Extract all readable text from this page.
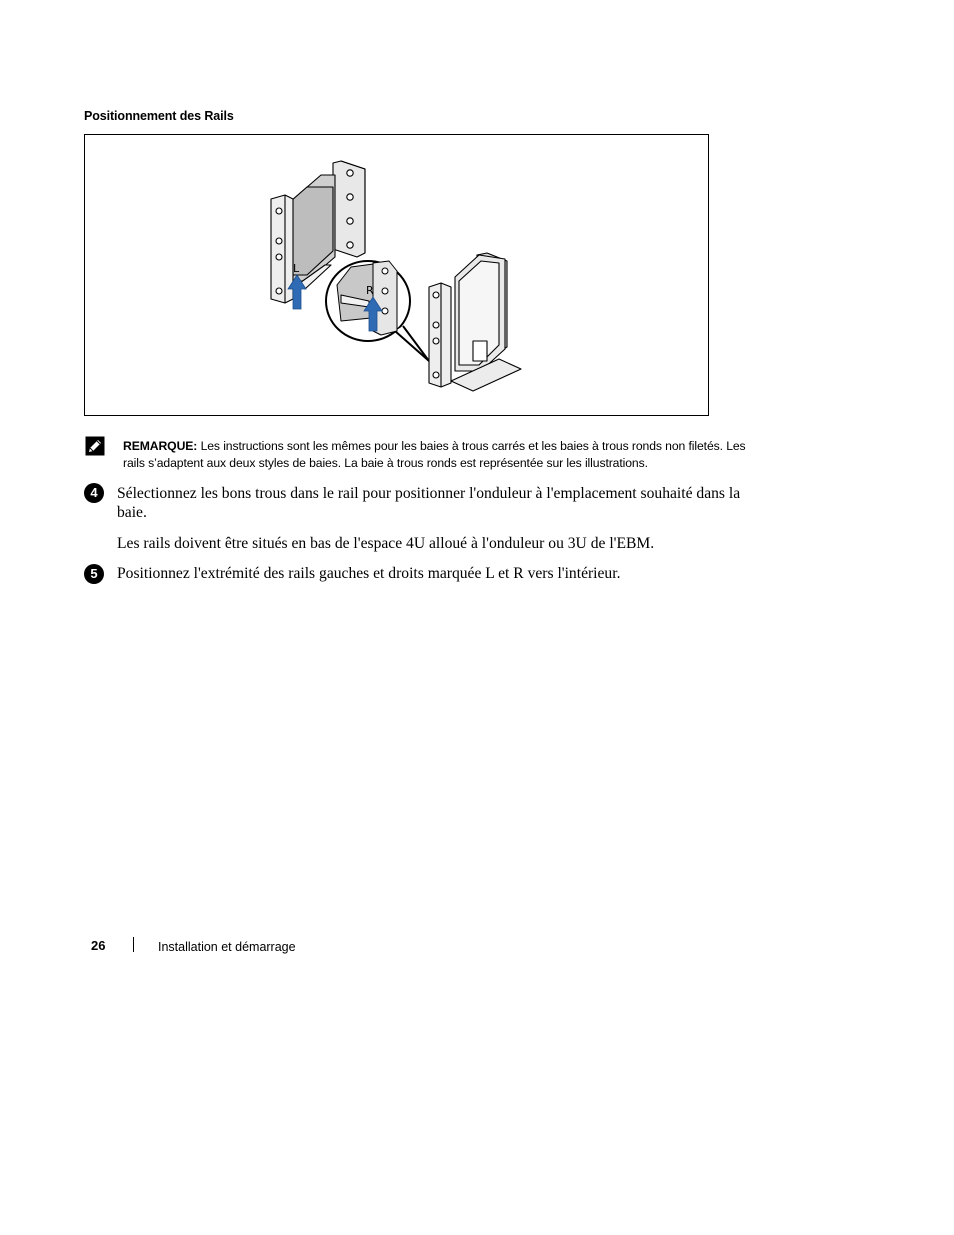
Positionnement des Rails
L
R
REMARQUE: Les instructions sont les mêmes pour les baies à trous carrés et les baies à trous ronds non filetés. Les rails s’adaptent aux deux styles de baies. La baie à trous ronds est représentée sur les illustrations.
4	Sélectionnez les bons trous dans le rail pour positionner l'onduleur à l'emplacement souhaité dans la baie.
Les rails doivent être situés en bas de l'espace 4U alloué à l'onduleur ou 3U de l'EBM.
5	Positionnez l'extrémité des rails gauches et droits marquée L et R vers l'intérieur.
26	Installation et démarrage
